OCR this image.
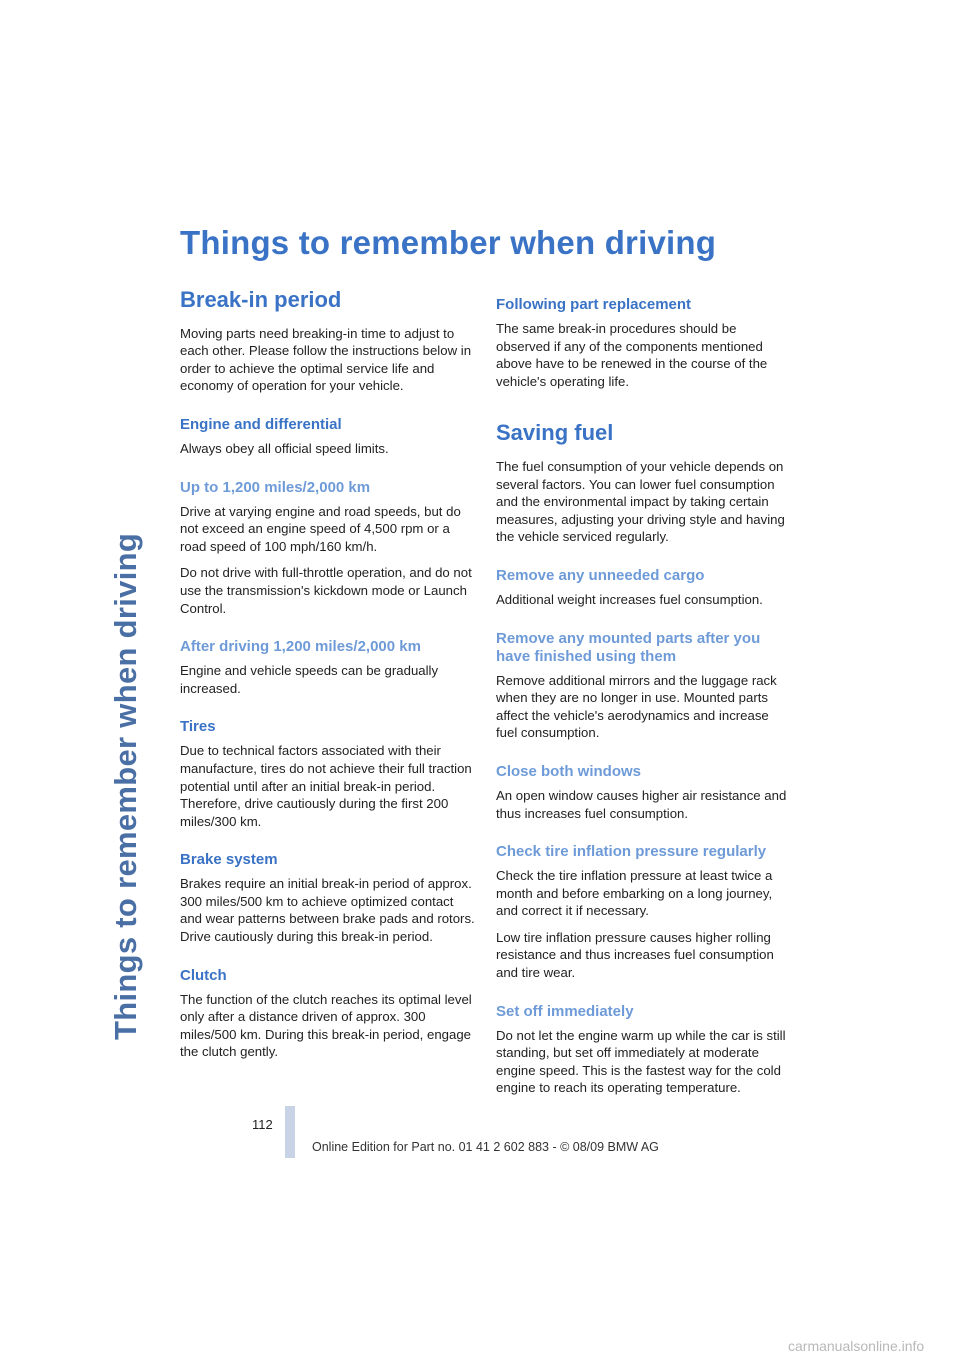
Things to remember when driving
Things to remember when driving
Break-in period

Moving parts need breaking-in time to adjust to each other. Please follow the instructions below in order to achieve the optimal service life and economy of operation for your vehicle.

Engine and differential

Always obey all official speed limits.

Up to 1,200 miles/2,000 km

Drive at varying engine and road speeds, but do not exceed an engine speed of 4,500 rpm or a road speed of 100 mph/160 km/h.

Do not drive with full-throttle operation, and do not use the transmission's kickdown mode or Launch Control.

After driving 1,200 miles/2,000 km

Engine and vehicle speeds can be gradually increased.

Tires

Due to technical factors associated with their manufacture, tires do not achieve their full traction potential until after an initial break-in period. Therefore, drive cautiously during the first 200 miles/300 km.

Brake system

Brakes require an initial break-in period of approx. 300 miles/500 km to achieve optimized contact and wear patterns between brake pads and rotors. Drive cautiously during this break-in period.

Clutch

The function of the clutch reaches its optimal level only after a distance driven of approx. 300 miles/500 km. During this break-in period, engage the clutch gently.

Following part replacement

The same break-in procedures should be observed if any of the components mentioned above have to be renewed in the course of the vehicle's operating life.

Saving fuel

The fuel consumption of your vehicle depends on several factors. You can lower fuel consumption and the environmental impact by taking certain measures, adjusting your driving style and having the vehicle serviced regularly.

Remove any unneeded cargo

Additional weight increases fuel consumption.

Remove any mounted parts after you have finished using them

Remove additional mirrors and the luggage rack when they are no longer in use. Mounted parts affect the vehicle's aerodynamics and increase fuel consumption.

Close both windows

An open window causes higher air resistance and thus increases fuel consumption.

Check tire inflation pressure regularly

Check the tire inflation pressure at least twice a month and before embarking on a long journey, and correct it if necessary.

Low tire inflation pressure causes higher rolling resistance and thus increases fuel consumption and tire wear.

Set off immediately

Do not let the engine warm up while the car is still standing, but set off immediately at moderate engine speed. This is the fastest way for the cold engine to reach its operating temperature.

112
Online Edition for Part no. 01 41 2 602 883 - © 08/09 BMW AG
carmanualsonline.info
